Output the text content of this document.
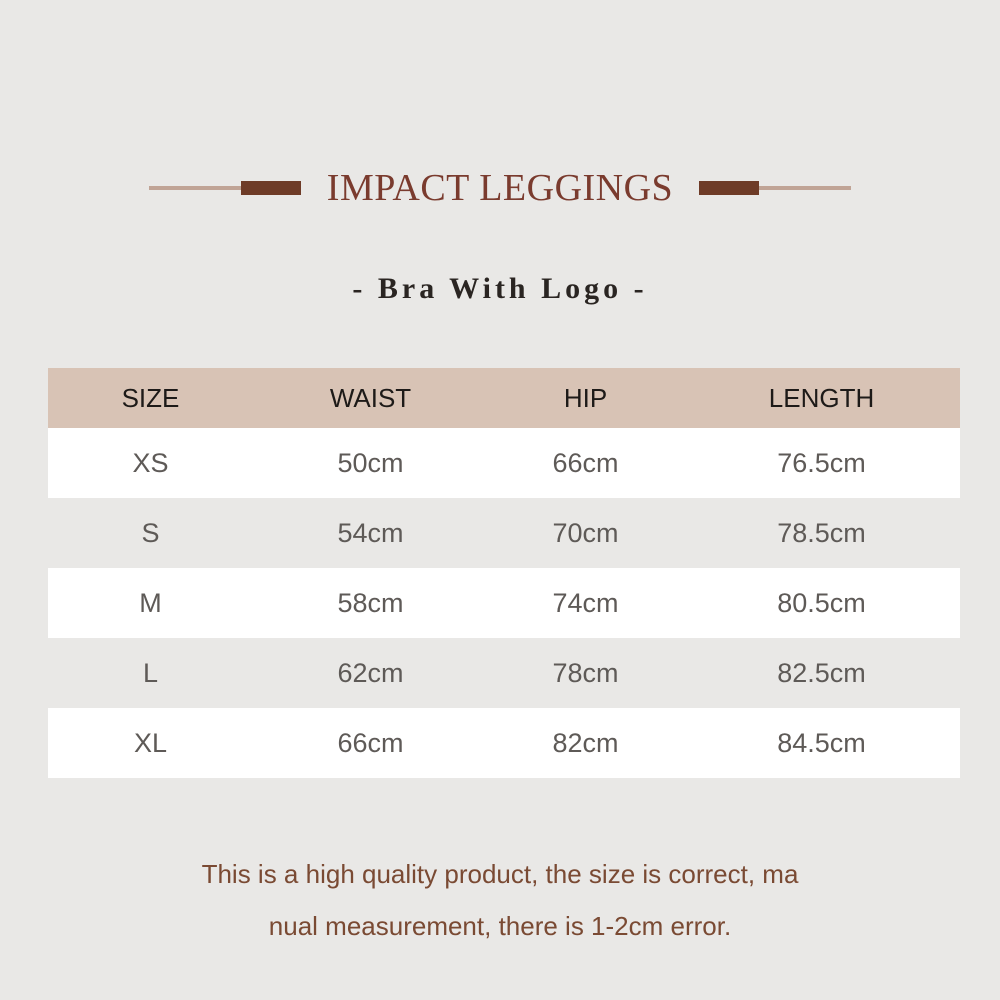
IMPACT LEGGINGS
- Bra With Logo -
SIZE	WAIST	HIP	LENGTH
XS	50cm	66cm	76.5cm
S	54cm	70cm	78.5cm
M	58cm	74cm	80.5cm
L	62cm	78cm	82.5cm
XL	66cm	82cm	84.5cm
This is a high quality product, the size is correct, ma
nual measurement, there is 1-2cm error.
